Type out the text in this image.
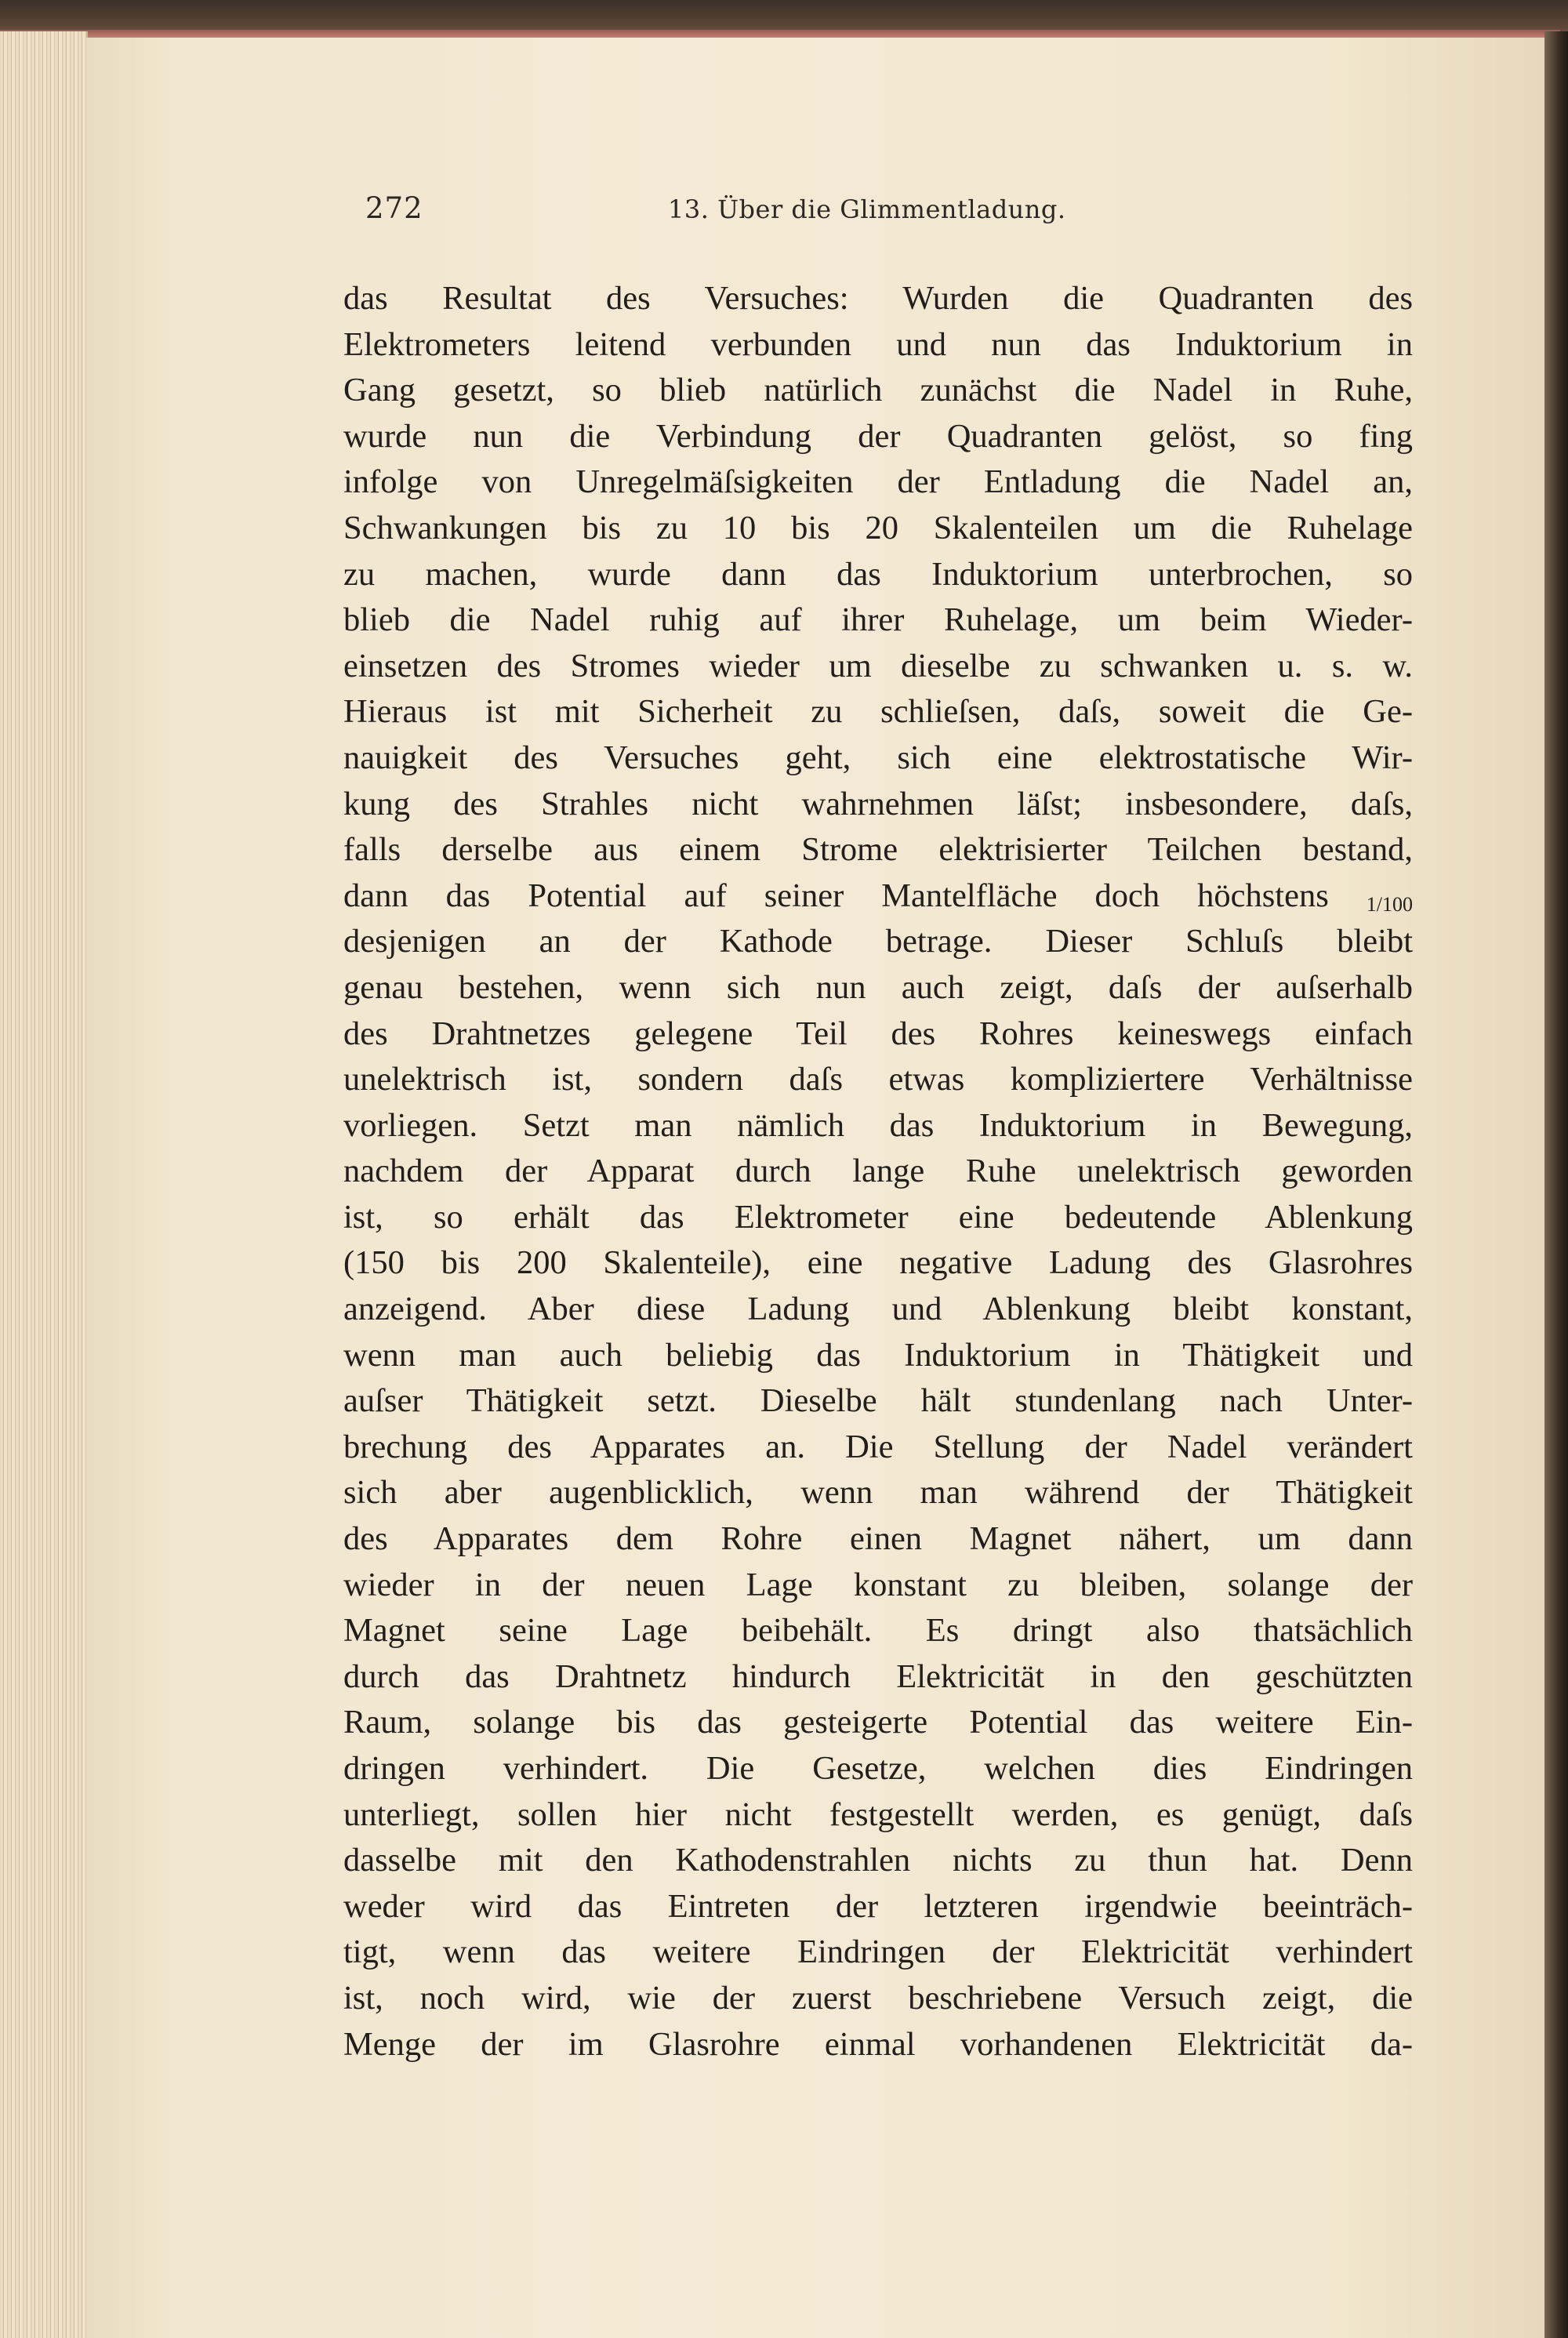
272	13. Über die Glimmentladung.
das Resultat des Versuches: Wurden die Quadranten des
Elektrometers leitend verbunden und nun das Induktorium in
Gang gesetzt, so blieb natürlich zunächst die Nadel in Ruhe,
wurde nun die Verbindung der Quadranten gelöst, so fing
infolge von Unregelmäſsigkeiten der Entladung die Nadel an,
Schwankungen bis zu 10 bis 20 Skalenteilen um die Ruhelage
zu machen, wurde dann das Induktorium unterbrochen, so
blieb die Nadel ruhig auf ihrer Ruhelage, um beim Wieder-
einsetzen des Stromes wieder um dieselbe zu schwanken u. s. w.
Hieraus ist mit Sicherheit zu schlieſsen, daſs, soweit die Ge-
nauigkeit des Versuches geht, sich eine elektrostatische Wir-
kung des Strahles nicht wahrnehmen läſst; insbesondere, daſs,
falls derselbe aus einem Strome elektrisierter Teilchen bestand,
dann das Potential auf seiner Mantelfläche doch höchstens 1/100
desjenigen an der Kathode betrage. Dieser Schluſs bleibt
genau bestehen, wenn sich nun auch zeigt, daſs der auſserhalb
des Drahtnetzes gelegene Teil des Rohres keineswegs einfach
unelektrisch ist, sondern daſs etwas kompliziertere Verhältnisse
vorliegen. Setzt man nämlich das Induktorium in Bewegung,
nachdem der Apparat durch lange Ruhe unelektrisch geworden
ist, so erhält das Elektrometer eine bedeutende Ablenkung
(150 bis 200 Skalenteile), eine negative Ladung des Glasrohres
anzeigend. Aber diese Ladung und Ablenkung bleibt konstant,
wenn man auch beliebig das Induktorium in Thätigkeit und
auſser Thätigkeit setzt. Dieselbe hält stundenlang nach Unter-
brechung des Apparates an. Die Stellung der Nadel verändert
sich aber augenblicklich, wenn man während der Thätigkeit
des Apparates dem Rohre einen Magnet nähert, um dann
wieder in der neuen Lage konstant zu bleiben, solange der
Magnet seine Lage beibehält. Es dringt also thatsächlich
durch das Drahtnetz hindurch Elektricität in den geschützten
Raum, solange bis das gesteigerte Potential das weitere Ein-
dringen verhindert. Die Gesetze, welchen dies Eindringen
unterliegt, sollen hier nicht festgestellt werden, es genügt, daſs
dasselbe mit den Kathodenstrahlen nichts zu thun hat. Denn
weder wird das Eintreten der letzteren irgendwie beeinträch-
tigt, wenn das weitere Eindringen der Elektricität verhindert
ist, noch wird, wie der zuerst beschriebene Versuch zeigt, die
Menge der im Glasrohre einmal vorhandenen Elektricität da-
